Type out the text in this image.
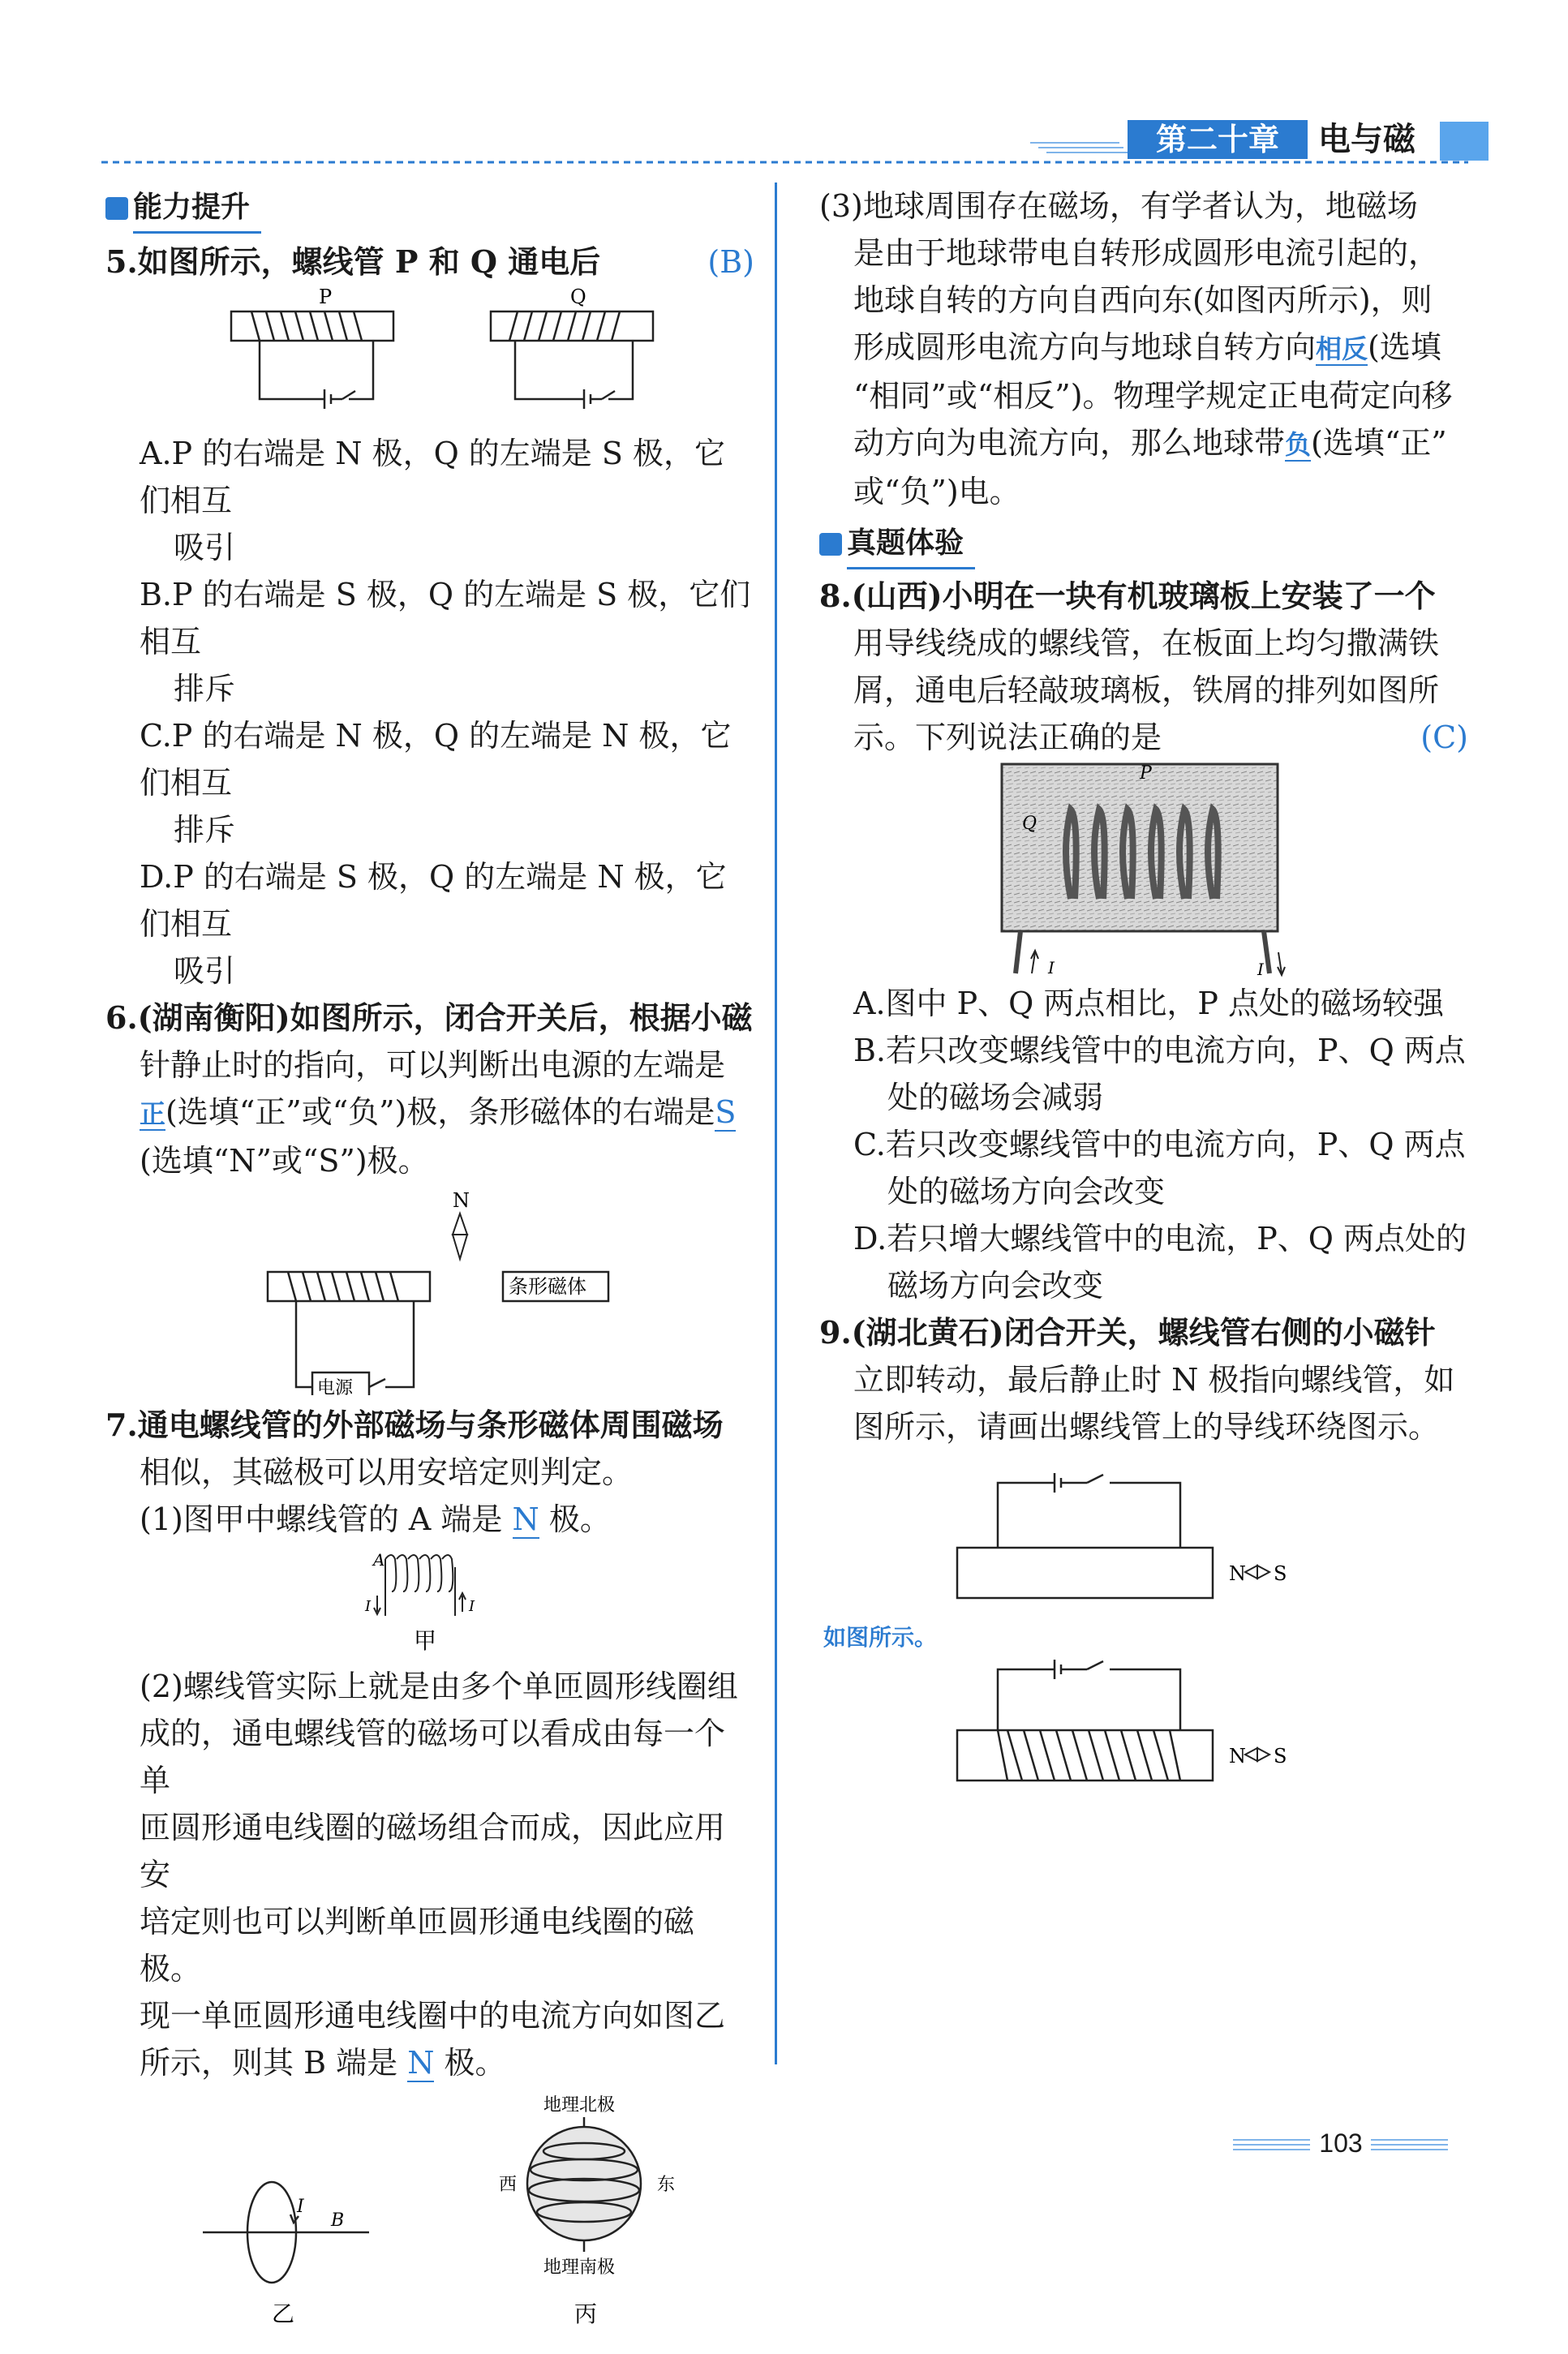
第二十章	电与磁

能力提升

5.如图所示，螺线管 P 和 Q 通电后	(B)

P	Q

A.P 的右端是 N 极，Q 的左端是 S 极，它们相互

吸引

B.P 的右端是 S 极，Q 的左端是 S 极，它们相互

排斥

C.P 的右端是 N 极，Q 的左端是 N 极，它们相互

排斥

D.P 的右端是 S 极，Q 的左端是 N 极，它们相互

吸引

6.(湖南衡阳)如图所示，闭合开关后，根据小磁

针静止时的指向，可以判断出电源的左端是

正(选填“正”或“负”)极，条形磁体的右端是S

(选填“N”或“S”)极。

N
电源
条形磁体

7.通电螺线管的外部磁场与条形磁体周围磁场

相似，其磁极可以用安培定则判定。

(1)图甲中螺线管的 A 端是 N 极。

A
I	I
甲

(2)螺线管实际上就是由多个单匝圆形线圈组

成的，通电螺线管的磁场可以看成由每一个单

匝圆形通电线圈的磁场组合而成，因此应用安

培定则也可以判断单匝圆形通电线圈的磁极。

现一单匝圆形通电线圈中的电流方向如图乙

所示，则其 B 端是 N 极。

I
B
乙
地理北极
西	东
地理南极
丙

(3)地球周围存在磁场，有学者认为，地磁场

是由于地球带电自转形成圆形电流引起的，

地球自转的方向自西向东(如图丙所示)，则

形成圆形电流方向与地球自转方向相反(选填

“相同”或“相反”)。物理学规定正电荷定向移

动方向为电流方向，那么地球带负(选填“正”

或“负”)电。

真题体验

8.(山西)小明在一块有机玻璃板上安装了一个

用导线绕成的螺线管，在板面上均匀撒满铁

屑，通电后轻敲玻璃板，铁屑的排列如图所

示。下列说法正确的是	(C)

P
Q
I	I

A.图中 P、Q 两点相比，P 点处的磁场较强

B.若只改变螺线管中的电流方向，P、Q 两点

处的磁场会减弱

C.若只改变螺线管中的电流方向，P、Q 两点

处的磁场方向会改变

D.若只增大螺线管中的电流，P、Q 两点处的

磁场方向会改变

9.(湖北黄石)闭合开关，螺线管右侧的小磁针

立即转动，最后静止时 N 极指向螺线管，如

图所示，请画出螺线管上的导线环绕图示。

N S
如图所示。
N S
103
